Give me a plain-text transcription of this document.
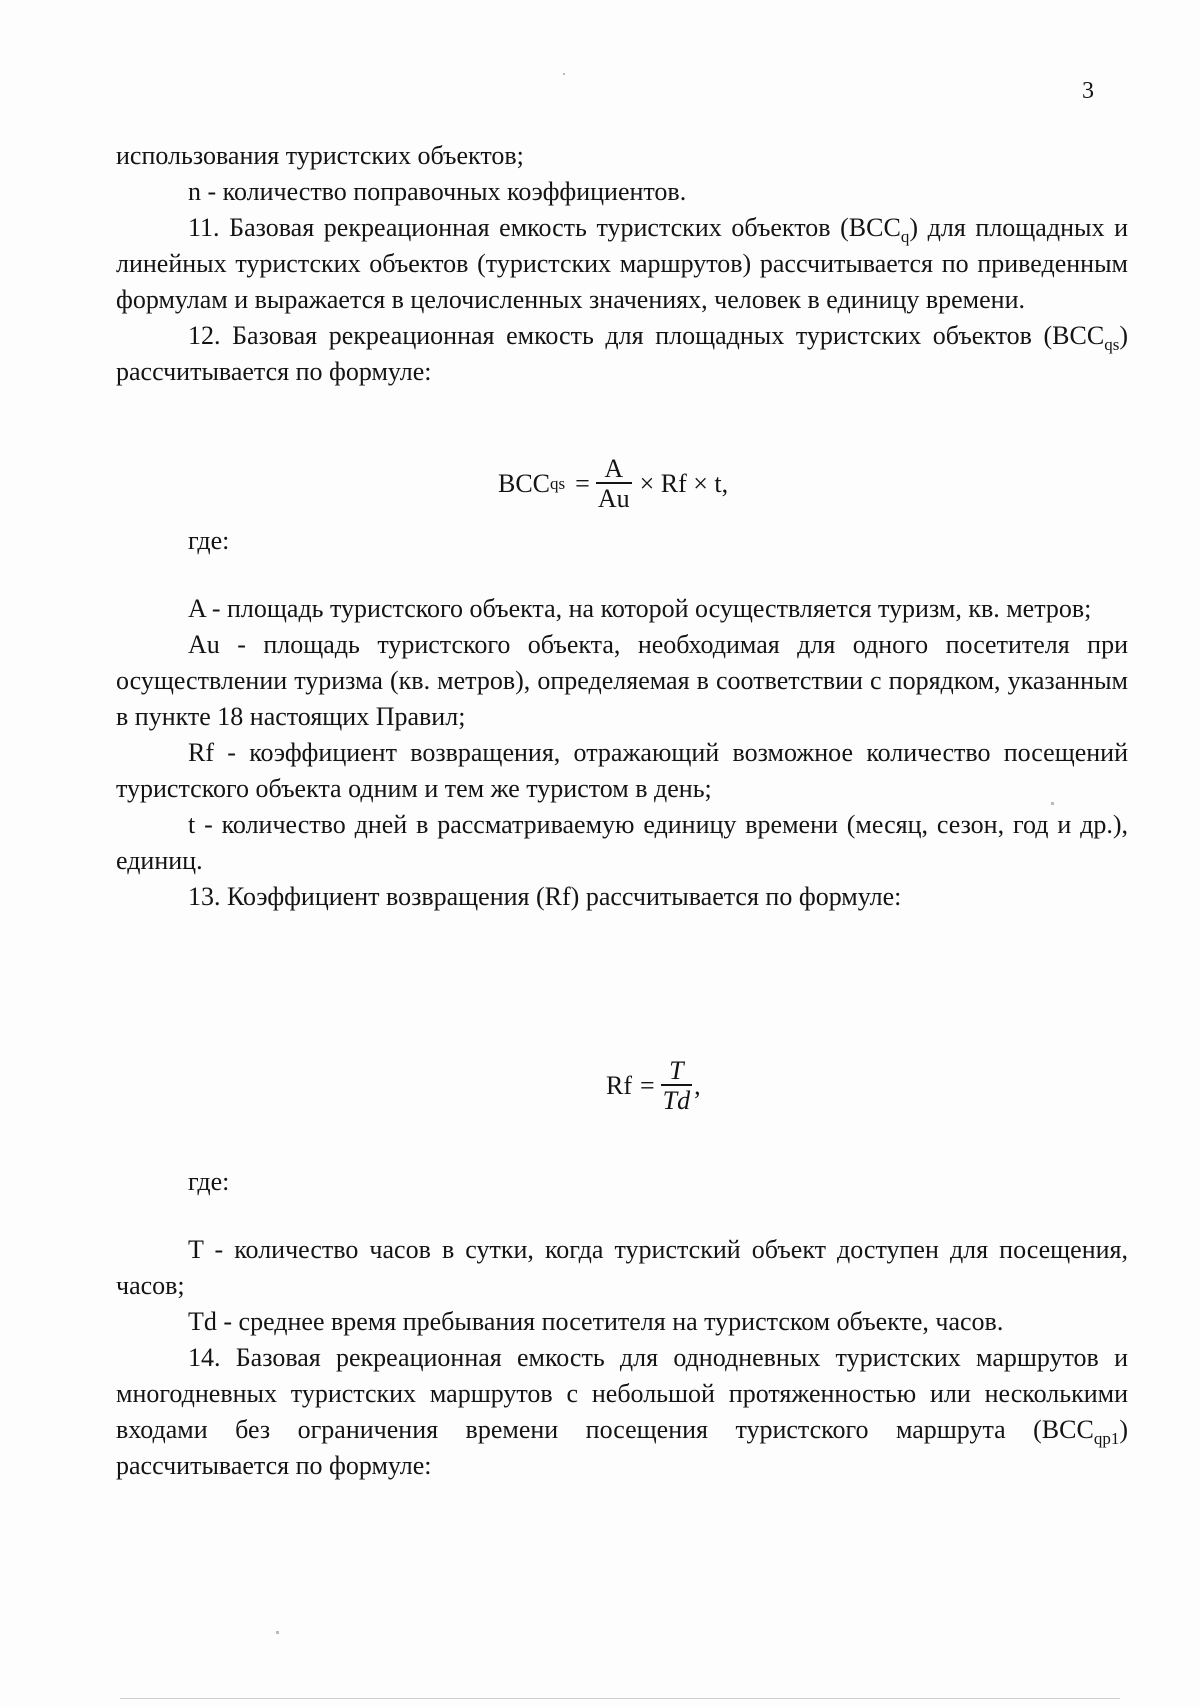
3

использования туристских объектов;

n - количество поправочных коэффициентов.

11. Базовая рекреационная емкость туристских объектов $(BCC_q)$ для площадных и линейных туристских объектов (туристских маршрутов) рассчитывается по приведенным формулам и выражается в целочисленных значениях, человек в единицу времени.

12. Базовая рекреационная емкость для площадных туристских объектов $(BCC_{qs})$ рассчитывается по формуле:

BCC qs = $\frac{A}{Au} \times Rf \times t$,

где:

A - площадь туристского объекта, на которой осуществляется туризм, кв. метров;

Au - площадь туристского объекта, необходимая для одного посетителя при осуществлении туризма (кв. метров), определяемая в соответствии с порядком, указанным в пункте 18 настоящих Правил;

Rf - коэффициент возвращения, отражающий возможное количество посещений туристского объекта одним и тем же туристом в день;

t - количество дней в рассматриваемую единицу времени (месяц, сезон, год и др.), единиц.

13. Коэффициент возвращения (Rf) рассчитывается по формуле:

$Rf = \frac{T}{Td}$ ,

где:

T - количество часов в сутки, когда туристский объект доступен для посещения, часов;

Td - среднее время пребывания посетителя на туристском объекте, часов.

14. Базовая рекреационная емкость для однодневных туристских маршрутов и многодневных туристских маршрутов с небольшой протяженностью или несколькими входами без ограничения времени посещения туристского маршрута $(BCC_{qp1})$ рассчитывается по формуле:
